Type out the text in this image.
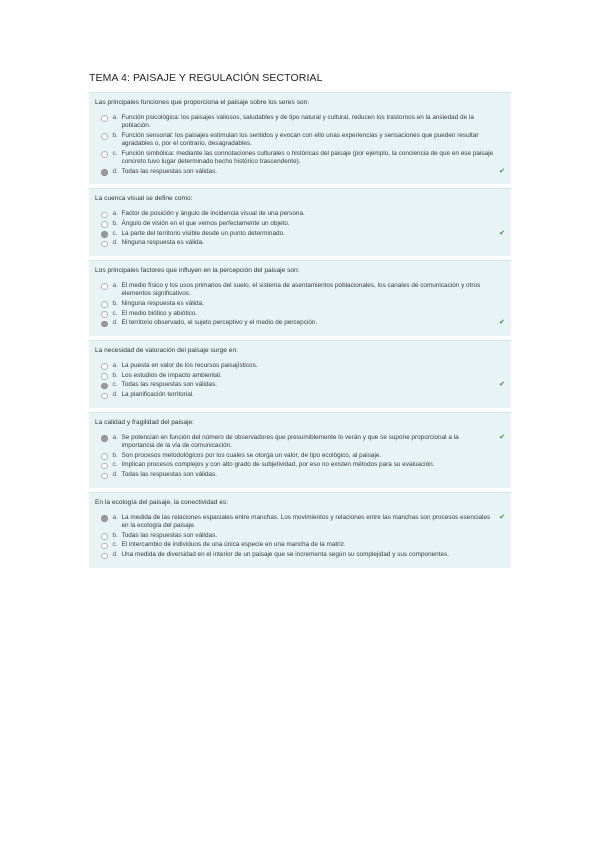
TEMA 4: PAISAJE Y REGULACIÓN SECTORIAL
Las principales funciones que proporciona el paisaje sobre los seres son:
a. Función psicológica: los paisajes valiosos, saludables y de tipo natural y cultural, reducen los trastornos en la ansiedad de la población.
b. Función sensorial: los paisajes estimulan los sentidos y evocan con ello unas experiencias y sensaciones que pueden resultar agradables o, por el contrario, desagradables.
c. Función simbólica: mediante las connotaciones culturales o históricas del paisaje (por ejemplo, la conciencia de que en ese paisaje concreto tuvo lugar determinado hecho histórico trascendente).
d. Todas las respuestas son válidas.	✔
La cuenca visual se define como:
a. Factor de posición y ángulo de incidencia visual de una persona.
b. Ángulo de visión en el que vemos perfectamente un objeto.
c. La parte del territorio visible desde un punto determinado.	✔
d. Ninguna respuesta es válida.
Los principales factores que influyen en la percepción del paisaje son:
a. El medio físico y los usos primarios del suelo, el sistema de asentamientos poblacionales, los canales de comunicación y otros elementos significativos.
b. Ninguna respuesta es válida.
c. El medio biótico y abiótico.
d. El territorio observado, el sujeto perceptivo y el medio de percepción.	✔
La necesidad de valoración del paisaje surge en:
a. La puesta en valor de los recursos paisajísticos.
b. Los estudios de impacto ambiental.
c. Todas las respuestas son válidas.	✔
d. La planificación territorial.
La calidad y fragilidad del paisaje:
a. Se potencian en función del número de observadores que presumiblemente lo verán y que se supone proporcional a la importancia de la vía de comunicación.
✔
b. Son procesos metodológicos por los cuales se otorga un valor, de tipo ecológico, al paisaje.
c. Implican procesos complejos y con alto grado de subjetividad, por eso no existen métodos para su evaluación.
d. Todas las respuestas son válidas.
En la ecología del paisaje, la conectividad es:
a. La medida de las relaciones espaciales entre manchas. Los movimientos y relaciones entre las manchas son procesos esenciales en la ecología del paisaje.
✔
b. Todas las respuestas son válidas.
c. El intercambio de individuos de una única especie en una mancha de la matriz.
d. Una medida de diversidad en el interior de un paisaje que se incrementa según su complejidad y sus componentes.
